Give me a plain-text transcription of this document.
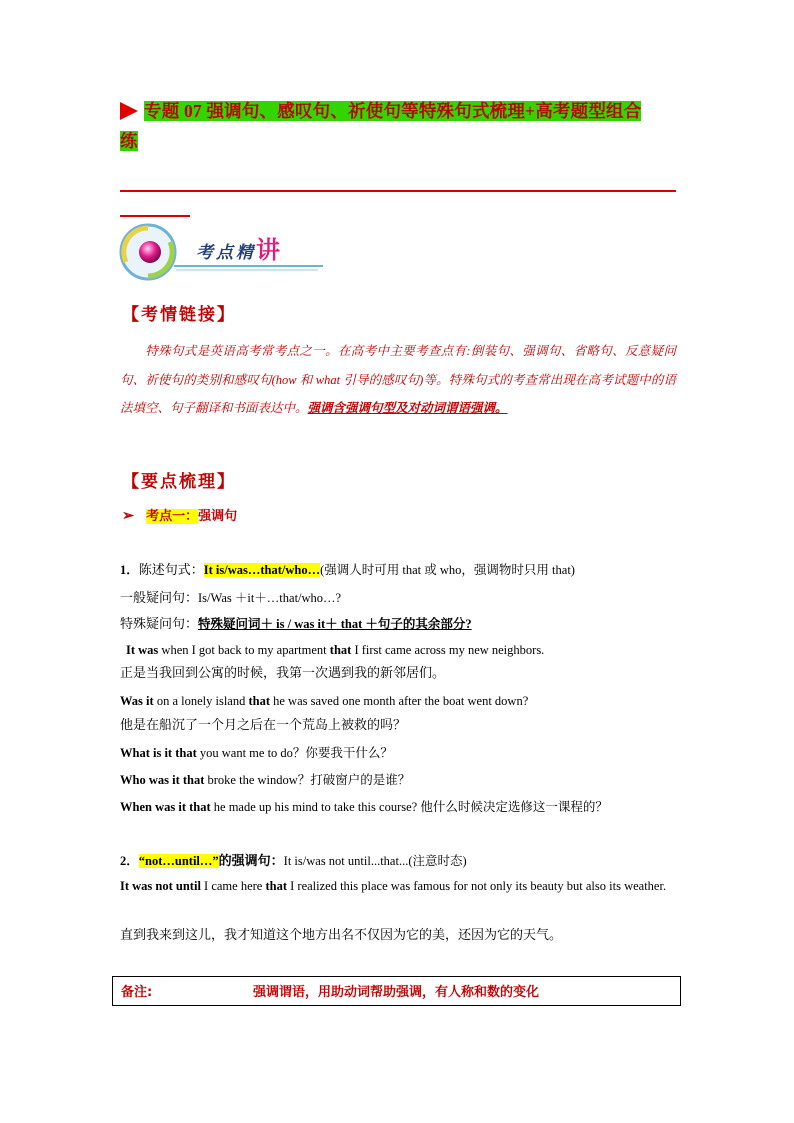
专题 07 强调句、感叹句、祈使句等特殊句式梳理+高考题型组合
练
考点精讲
【考情链接】
特殊句式是英语高考常考点之一。在高考中主要考查点有:倒装句、强调句、省略句、反意疑问句、祈使句的类别和感叹句(how 和 what 引导的感叹句)等。特殊句式的考查常出现在高考试题中的语法填空、句子翻译和书面表达中。强调含强调句型及对动词谓语强调。
【要点梳理】
➢ 考点一：强调句
1．陈述句式：It is/was…that/who…(强调人时可用 that 或 who，强调物时只用 that)
一般疑问句：Is/Was ＋it＋…that/who…?
特殊疑问句：特殊疑问词＋ is / was it＋ that ＋句子的其余部分?
It was when I got back to my apartment that I first came across my new neighbors.
正是当我回到公寓的时候，我第一次遇到我的新邻居们。
Was it on a lonely island that he was saved one month after the boat went down?
他是在船沉了一个月之后在一个荒岛上被救的吗？
What is it that you want me to do？你要我干什么？
Who was it that broke the window？打破窗户的是谁？
When was it that he made up his mind to take this course? 他什么时候决定选修这一课程的？
2．“not…until…”的强调句：It is/was not until...that...(注意时态)
It was not until I came here that I realized this place was famous for not only its beauty but also its weather.
直到我来到这儿，我才知道这个地方出名不仅因为它的美，还因为它的天气。
备注:	强调谓语，用助动词帮助强调，有人称和数的变化
